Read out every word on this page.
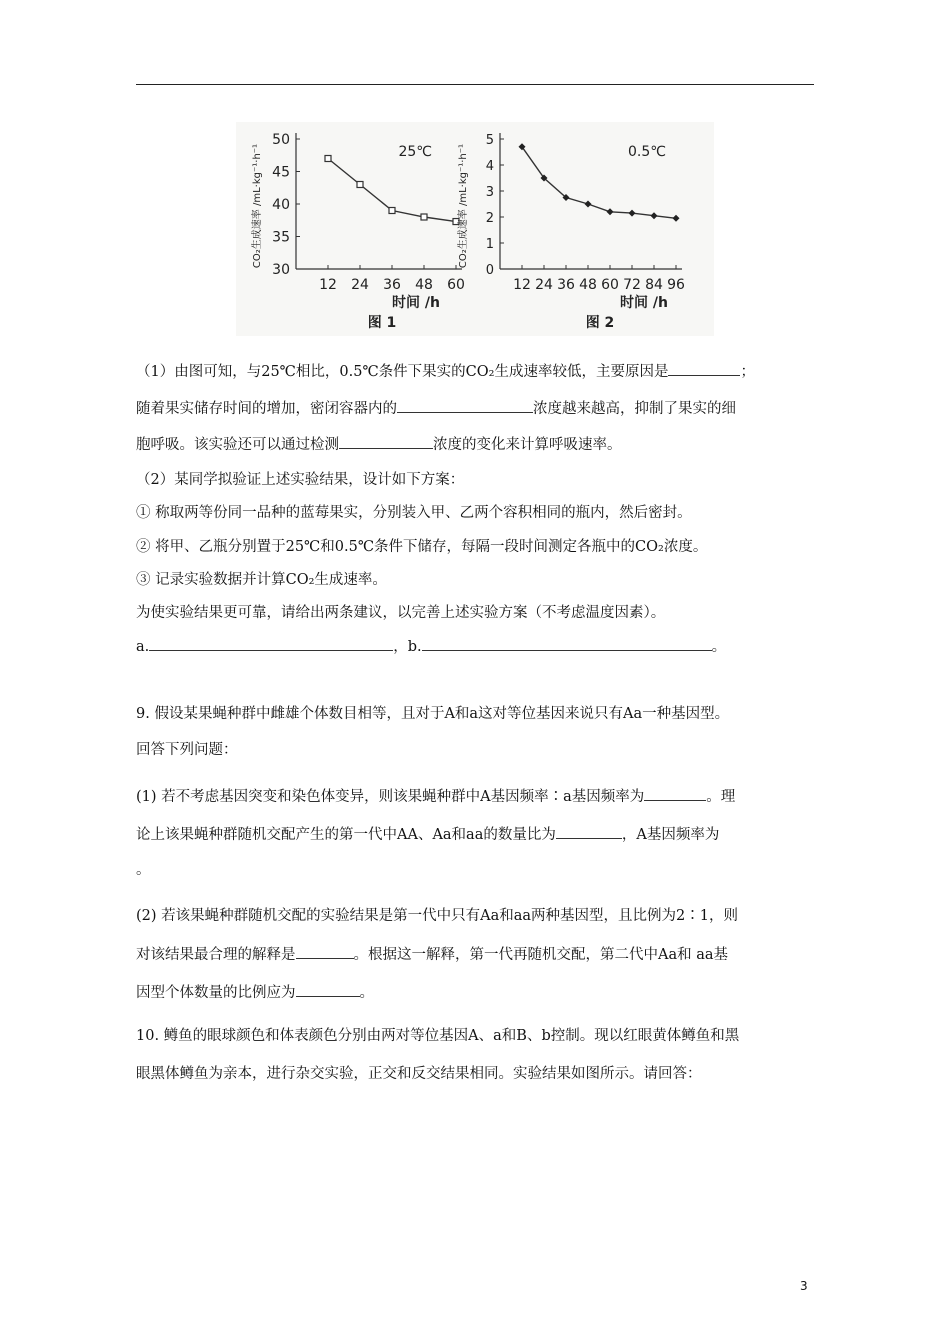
30
35
40
45
50
12 24 36 48 60
25℃
时间 /h
图 1
CO₂生成速率 /mL·kg⁻¹·h⁻¹
0
1
2
3
4
5
12 24 36 48 60 72 84 96
0.5℃
时间 /h
图 2
CO₂生成速率 /mL·kg⁻¹·h⁻¹
（1）由图可知，与25℃相比，0.5℃条件下果实的CO₂生成速率较低，主要原因是	；
随着果实储存时间的增加，密闭容器内的	浓度越来越高，抑制了果实的细
胞呼吸。该实验还可以通过检测	浓度的变化来计算呼吸速率。
（2）某同学拟验证上述实验结果，设计如下方案：
① 称取两等份同一品种的蓝莓果实，分别装入甲、乙两个容积相同的瓶内，然后密封。
② 将甲、乙瓶分别置于25℃和0.5℃条件下储存，每隔一段时间测定各瓶中的CO₂浓度。
③ 记录实验数据并计算CO₂生成速率。
为使实验结果更可靠，请给出两条建议，以完善上述实验方案（不考虑温度因素）。
a.	，b.	。
9. 假设某果蝇种群中雌雄个体数目相等，且对于A和a这对等位基因来说只有Aa一种基因型。
回答下列问题：
(1) 若不考虑基因突变和染色体变异，则该果蝇种群中A基因频率∶a基因频率为	。理
论上该果蝇种群随机交配产生的第一代中AA、Aa和aa的数量比为	，A基因频率为
。
(2) 若该果蝇种群随机交配的实验结果是第一代中只有Aa和aa两种基因型，且比例为2∶1，则
对该结果最合理的解释是	。根据这一解释，第一代再随机交配，第二代中Aa和 aa基
因型个体数量的比例应为	。
10. 鳟鱼的眼球颜色和体表颜色分别由两对等位基因A、a和B、b控制。现以红眼黄体鳟鱼和黑
眼黑体鳟鱼为亲本，进行杂交实验，正交和反交结果相同。实验结果如图所示。请回答：
3
